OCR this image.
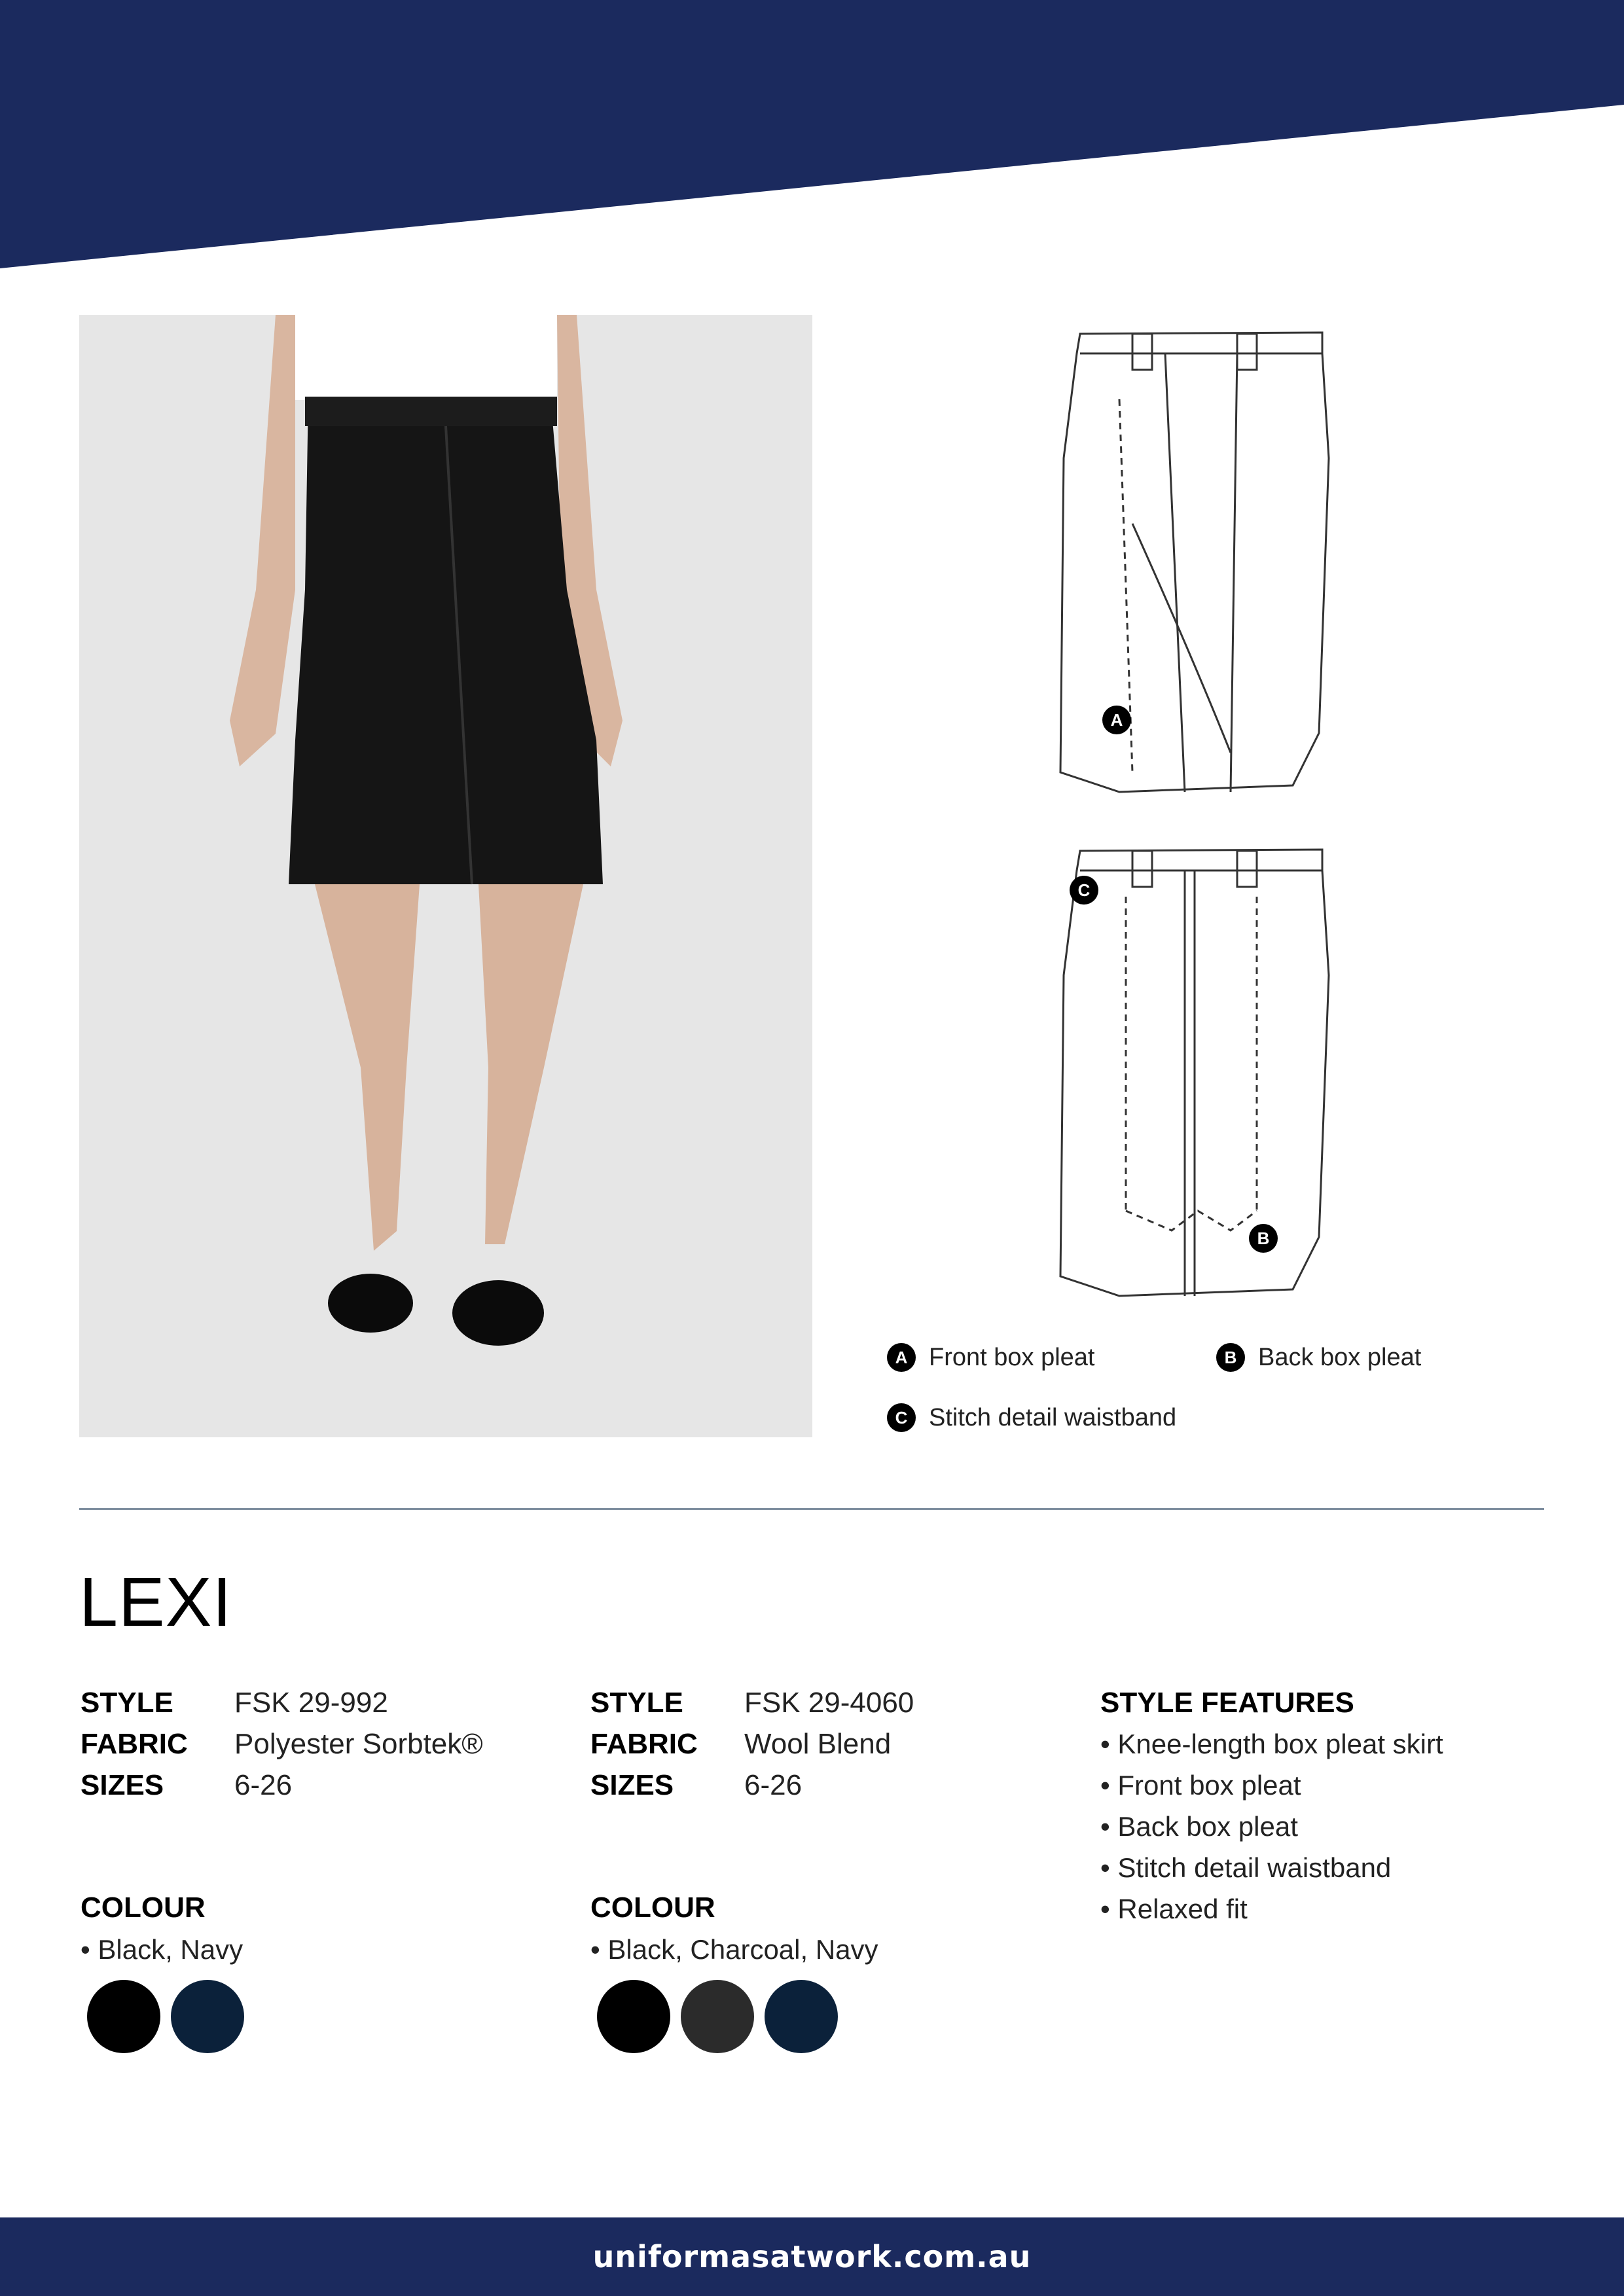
A
C
B
A Front box pleat	B Back box pleat
C Stitch detail waistband
LEXI
STYLE	FSK 29-992
FABRIC	Polyester Sorbtek®
SIZES	6-26
COLOUR
• Black, Navy
STYLE	FSK 29-4060
FABRIC	Wool Blend
SIZES	6-26
COLOUR
• Black, Charcoal, Navy
STYLE FEATURES
• Knee-length box pleat skirt
• Front box pleat
• Back box pleat
• Stitch detail waistband
• Relaxed fit
uniformasatwork.com.au
